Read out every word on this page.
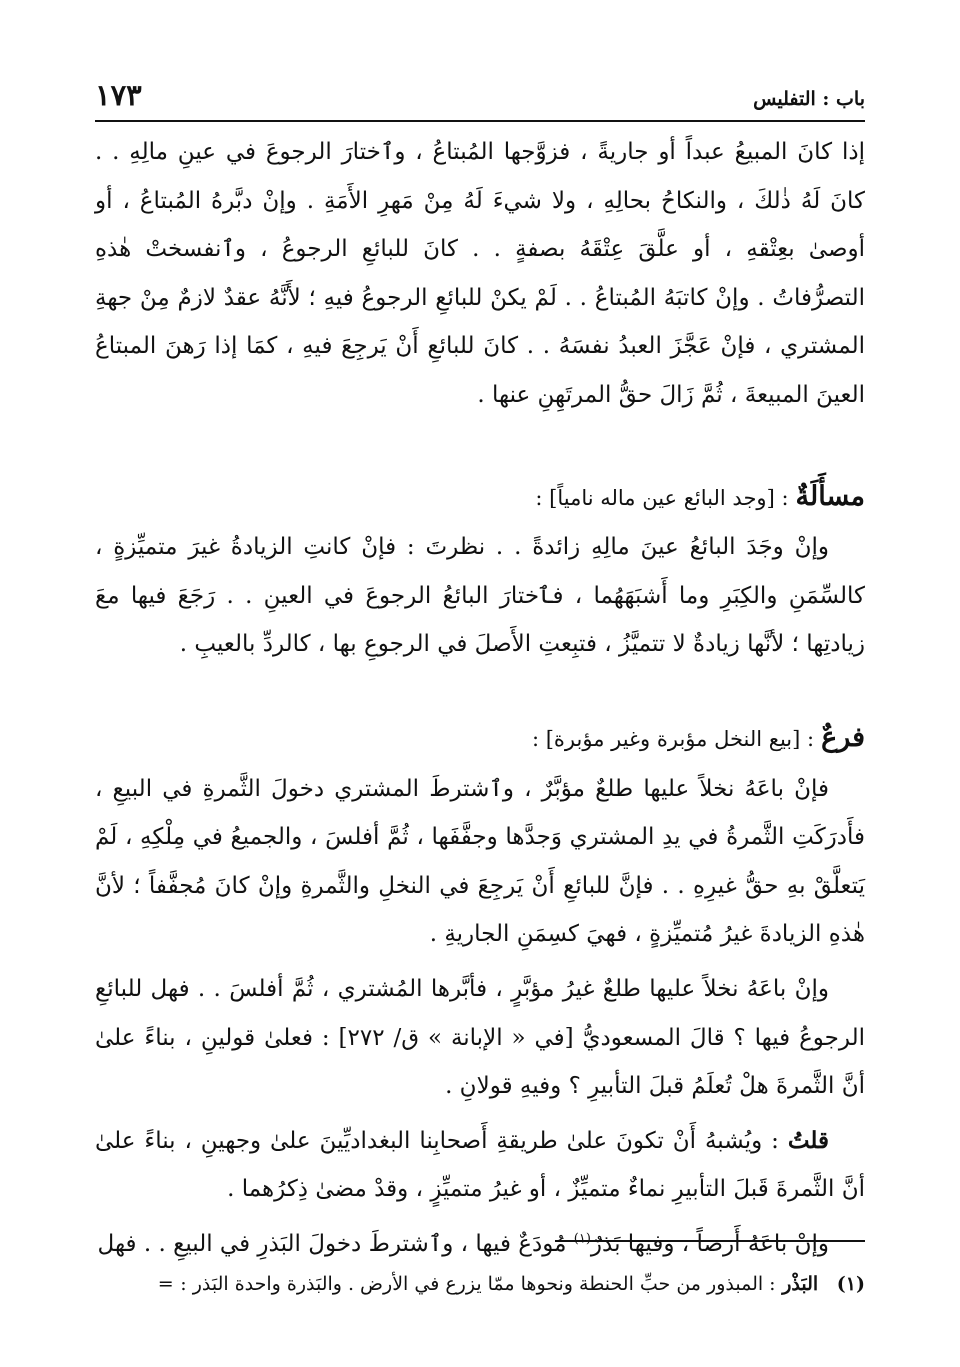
باب : التفليس
١٧٣

إذا كانَ المبيعُ عبداً أو جاريةً ، فزوَّجها المُبتاعُ ، وٱختارَ الرجوعَ في عينِ مالِهِ . . كانَ لَهُ ذٰلكَ ، والنكاحُ بحالِهِ ، ولا شيءَ لَهُ مِنْ مَهرِ الأَمَةِ . وإنْ دبَّرهُ المُبتاعُ ، أو أوصىٰ بعِتْقهِ ، أو علَّقَ عِتْقَهُ بصفةٍ . . كانَ للبائعِ الرجوعُ ، وٱنفسختْ هٰذهِ التصرُّفاتُ . وإنْ كاتبَهُ المُبتاعُ . . لَمْ يكنْ للبائعِ الرجوعُ فيهِ ؛ لأَنَّهُ عقدٌ لازمٌ مِنْ جهةِ المشتري ، فإنْ عَجَّزَ العبدُ نفسَهُ . . كانَ للبائعِ أَنْ يَرجِعَ فيهِ ، كمَا إذا رَهنَ المبتاعُ العينَ المبيعةَ ، ثُمَّ زَالَ حقُّ المرتَهِنِ عنها .

مسأَلَةٌ : [وجد البائع عين ماله نامياً] :

وإنْ وجَدَ البائعُ عينَ مالِهِ زائدةً . . نظرتَ : فإنْ كانتِ الزيادةُ غيرَ متميِّزةٍ ، كالسِّمَنِ والكِبَرِ وما أَشبَهَهُما ، فٱختارَ البائعُ الرجوعَ في العينِ . . رَجَعَ فيها معَ زيادتِها ؛ لأنَّها زيادةٌ لا تتميَّزُ ، فتبِعتِ الأَصلَ في الرجوعِ بها ، كالردِّ بالعيبِ .

فرعٌ : [بيع النخل مؤبرة وغير مؤبرة] :

فإنْ باعَهُ نخلاً عليها طلعٌ مؤبَّرٌ ، وٱشترطَ المشتري دخولَ الثَّمرةِ في البيعِ ، فأَدرَكَتِ الثَّمرةُ في يدِ المشتري وَجدَّها وجفَّفَها ، ثُمَّ أفلسَ ، والجميعُ في مِلْكِهِ ، لَمْ يَتعلَّقْ بهِ حقُّ غيرِهِ . . فإنَّ للبائعِ أَنْ يَرجِعَ في النخلِ والثَّمرةِ وإنْ كانَ مُجفَّفاً ؛ لأنَّ هٰذهِ الزيادةَ غيرُ مُتميِّزةٍ ، فهيَ كسِمَنِ الجاريةِ .

وإنْ باعَهُ نخلاً عليها طلعٌ غيرُ مؤبَّرٍ ، فأبَّرها المُشتري ، ثُمَّ أفلسَ . . فهل للبائعِ الرجوعُ فيها ؟ قالَ المسعوديُّ [في « الإبانة » ق/ ٢٧٢] : فعلىٰ قولينِ ، بناءً علىٰ أنَّ الثَّمرةَ هلْ تُعلَمُ قبلَ التأبيرِ ؟ وفيهِ قولانِ .

قلتُ : ويُشبهُ أَنْ تكونَ علىٰ طريقةِ أَصحابِنا البغداديِّينَ علىٰ وجهينِ ، بناءً علىٰ أنَّ الثَّمرةَ قَبلَ التأبيرِ نماءٌ متميِّزٌ ، أو غيرُ متميِّزٍ ، وقدْ مضىٰ ذِكرُهما .

وإنْ باعَهُ أَرضاً ، وفيها بَذرٌ$^{(١)}$ مُودَعٌ فيها ، وٱشترطَ دخولَ البَذرِ في البيعِ . . فهل

(١) البَذْر : المبذور من حبِّ الحنطة ونحوها ممّا يزرع في الأرض . والبَذرة واحدة البَذر : =
